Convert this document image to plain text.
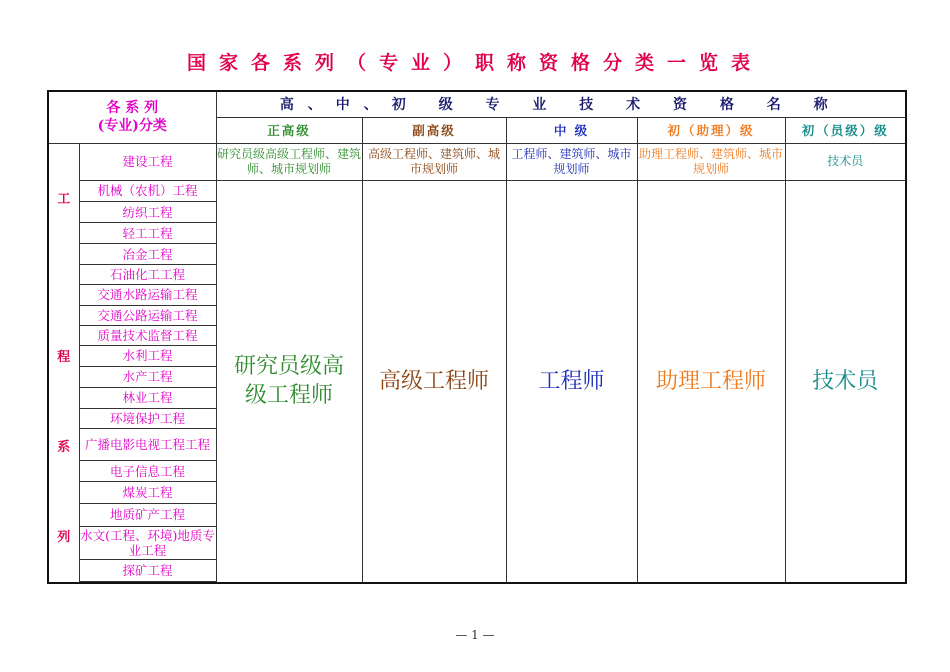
国家各系列（专业）职称资格分类一览表
各 系 列
(专业)分类		高、中、初 级 专 业 技 术 资 格 名 称				
		正高级	副高级	中 级	初（助理）级	初（员级）级

工
程
系
列	建设工程	研究员级高级工程师、建筑师、城市规划师	高级工程师、建筑师、城市规划师	工程师、建筑师、城市规划师	助理工程师、建筑师、城市规划师	技术员
	机械（农机）工程	研究员级高级工程师	高级工程师	工程师	助理工程师	技术员
	纺织工程					
	轻工工程					
	冶金工程					
	石油化工工程					
	交通水路运输工程					
	交通公路运输工程					
	质量技术监督工程					
	水利工程					
	水产工程					
	林业工程					
	环境保护工程					
	广播电影电视工程工程					
	电子信息工程					
	煤炭工程					
	地质矿产工程					
	水文(工程、环境)地质专业工程					
	探矿工程					

— 1 —
